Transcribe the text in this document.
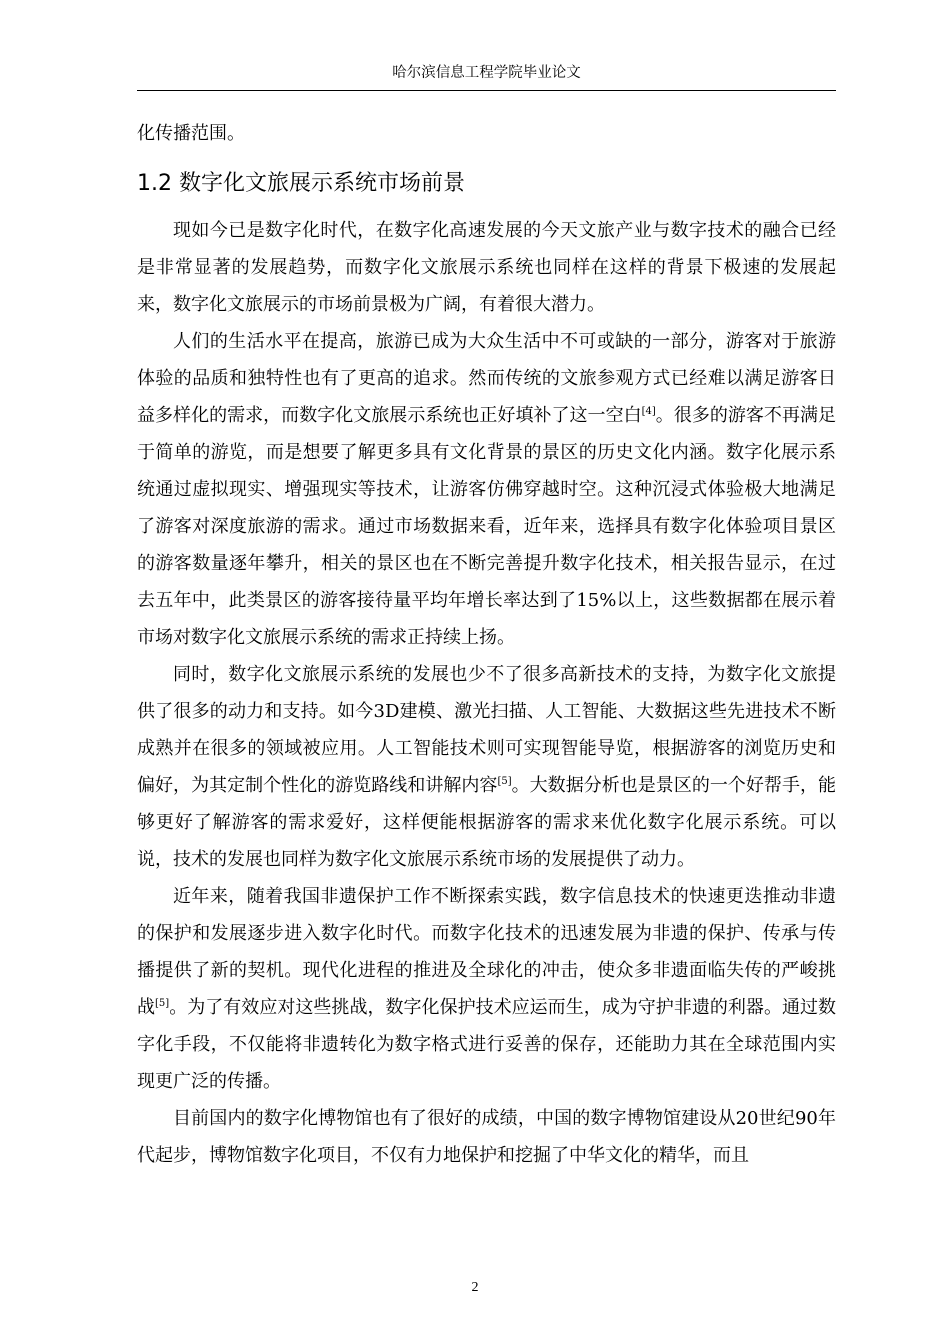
哈尔滨信息工程学院毕业论文

化传播范围。

1.2 数字化文旅展示系统市场前景

现如今已是数字化时代，在数字化高速发展的今天文旅产业与数字技术的融合已经是非常显著的发展趋势，而数字化文旅展示系统也同样在这样的背景下极速的发展起来，数字化文旅展示的市场前景极为广阔，有着很大潜力。

人们的生活水平在提高，旅游已成为大众生活中不可或缺的一部分，游客对于旅游体验的品质和独特性也有了更高的追求。然而传统的文旅参观方式已经难以满足游客日益多样化的需求，而数字化文旅展示系统也正好填补了这一空白[4]。很多的游客不再满足于简单的游览，而是想要了解更多具有文化背景的景区的历史文化内涵。数字化展示系统通过虚拟现实、增强现实等技术，让游客仿佛穿越时空。这种沉浸式体验极大地满足了游客对深度旅游的需求。通过市场数据来看，近年来，选择具有数字化体验项目景区的游客数量逐年攀升，相关的景区也在不断完善提升数字化技术，相关报告显示，在过去五年中，此类景区的游客接待量平均年增长率达到了15%以上，这些数据都在展示着市场对数字化文旅展示系统的需求正持续上扬。

同时，数字化文旅展示系统的发展也少不了很多高新技术的支持，为数字化文旅提供了很多的动力和支持。如今3D建模、激光扫描、人工智能、大数据这些先进技术不断成熟并在很多的领域被应用。人工智能技术则可实现智能导览，根据游客的浏览历史和偏好，为其定制个性化的游览路线和讲解内容[5]。大数据分析也是景区的一个好帮手，能够更好了解游客的需求爱好，这样便能根据游客的需求来优化数字化展示系统。可以说，技术的发展也同样为数字化文旅展示系统市场的发展提供了动力。

近年来，随着我国非遗保护工作不断探索实践，数字信息技术的快速更迭推动非遗的保护和发展逐步进入数字化时代。而数字化技术的迅速发展为非遗的保护、传承与传播提供了新的契机。现代化进程的推进及全球化的冲击，使众多非遗面临失传的严峻挑战[5]。为了有效应对这些挑战，数字化保护技术应运而生，成为守护非遗的利器。通过数字化手段，不仅能将非遗转化为数字格式进行妥善的保存，还能助力其在全球范围内实现更广泛的传播。

目前国内的数字化博物馆也有了很好的成绩，中国的数字博物馆建设从20世纪90年代起步，博物馆数字化项目，不仅有力地保护和挖掘了中华文化的精华，而且

2
